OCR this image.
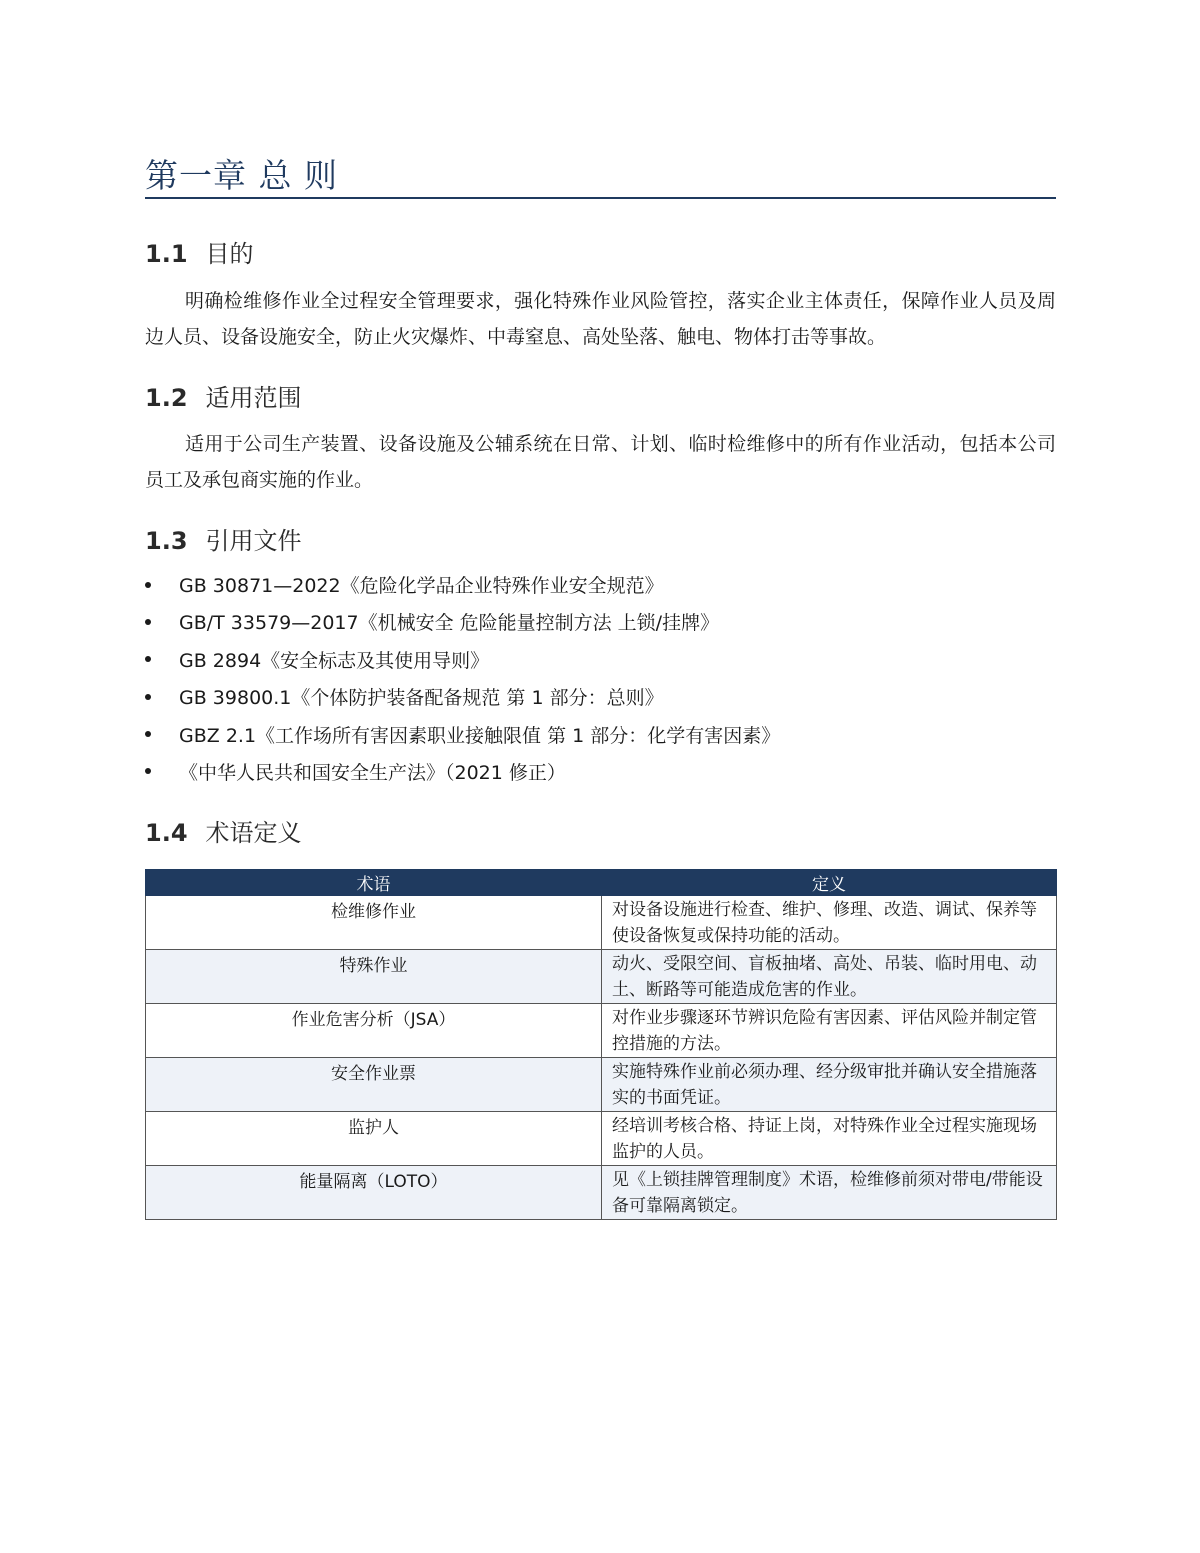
第一章 总 则
1.1 目的
明确检维修作业全过程安全管理要求，强化特殊作业风险管控，落实企业主体责任，保障作业人员及周边人员、设备设施安全，防止火灾爆炸、中毒窒息、高处坠落、触电、物体打击等事故。
1.2 适用范围
适用于公司生产装置、设备设施及公辅系统在日常、计划、临时检维修中的所有作业活动，包括本公司员工及承包商实施的作业。
1.3 引用文件
GB 30871—2022《危险化学品企业特殊作业安全规范》
GB/T 33579—2017《机械安全 危险能量控制方法 上锁/挂牌》
GB 2894《安全标志及其使用导则》
GB 39800.1《个体防护装备配备规范 第 1 部分：总则》
GBZ 2.1《工作场所有害因素职业接触限值 第 1 部分：化学有害因素》
《中华人民共和国安全生产法》（2021 修正）
1.4 术语定义
术语	定义
检维修作业	对设备设施进行检查、维护、修理、改造、调试、保养等使设备恢复或保持功能的活动。
特殊作业	动火、受限空间、盲板抽堵、高处、吊装、临时用电、动土、断路等可能造成危害的作业。
作业危害分析（JSA）	对作业步骤逐环节辨识危险有害因素、评估风险并制定管控措施的方法。
安全作业票	实施特殊作业前必须办理、经分级审批并确认安全措施落实的书面凭证。
监护人	经培训考核合格、持证上岗，对特殊作业全过程实施现场监护的人员。
能量隔离（LOTO）	见《上锁挂牌管理制度》术语，检维修前须对带电/带能设备可靠隔离锁定。
